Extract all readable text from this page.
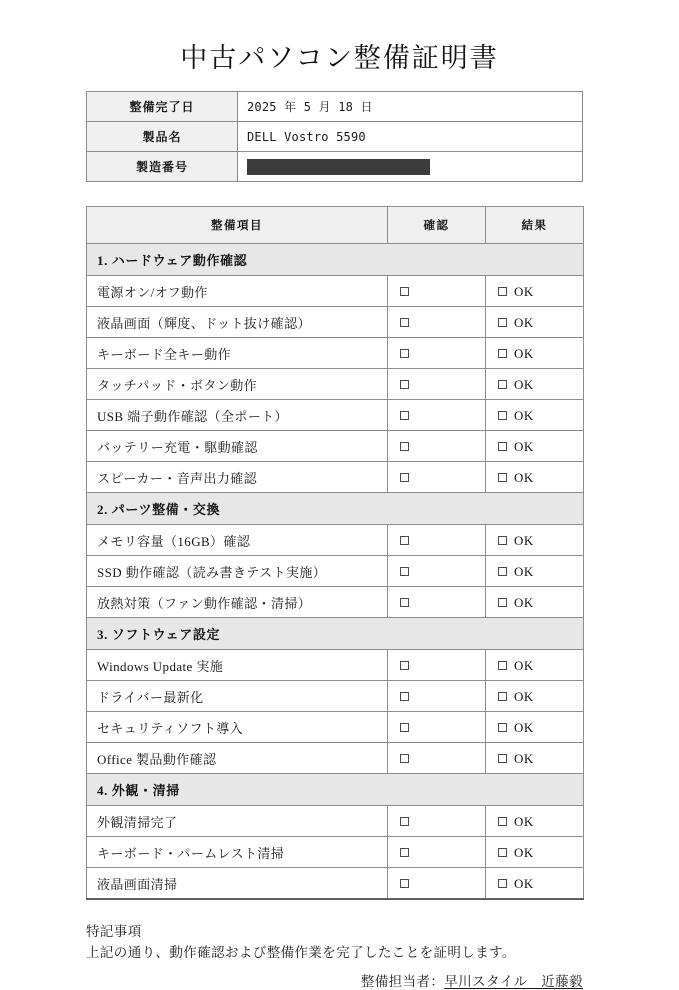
中古パソコン整備証明書
整備完了日	2025 年 5 月 18 日
製品名	DELL Vostro 5590
製造番号	
整備項目	確認	結果
1. ハードウェア動作確認		
電源オン/オフ動作		OK
液晶画面（輝度、ドット抜け確認）		OK
キーボード全キー動作		OK
タッチパッド・ボタン動作		OK
USB 端子動作確認（全ポート）		OK
バッテリー充電・駆動確認		OK
スピーカー・音声出力確認		OK
2. パーツ整備・交換		
メモリ容量（16GB）確認		OK
SSD 動作確認（読み書きテスト実施）		OK
放熱対策（ファン動作確認・清掃）		OK
3. ソフトウェア設定		
Windows Update 実施		OK
ドライバー最新化		OK
セキュリティソフト導入		OK
Office 製品動作確認		OK
4. 外観・清掃		
外観清掃完了		OK
キーボード・パームレスト清掃		OK
液晶画面清掃		OK
特記事項
上記の通り、動作確認および整備作業を完了したことを証明します。
整備担当者：早川スタイル　近藤毅
